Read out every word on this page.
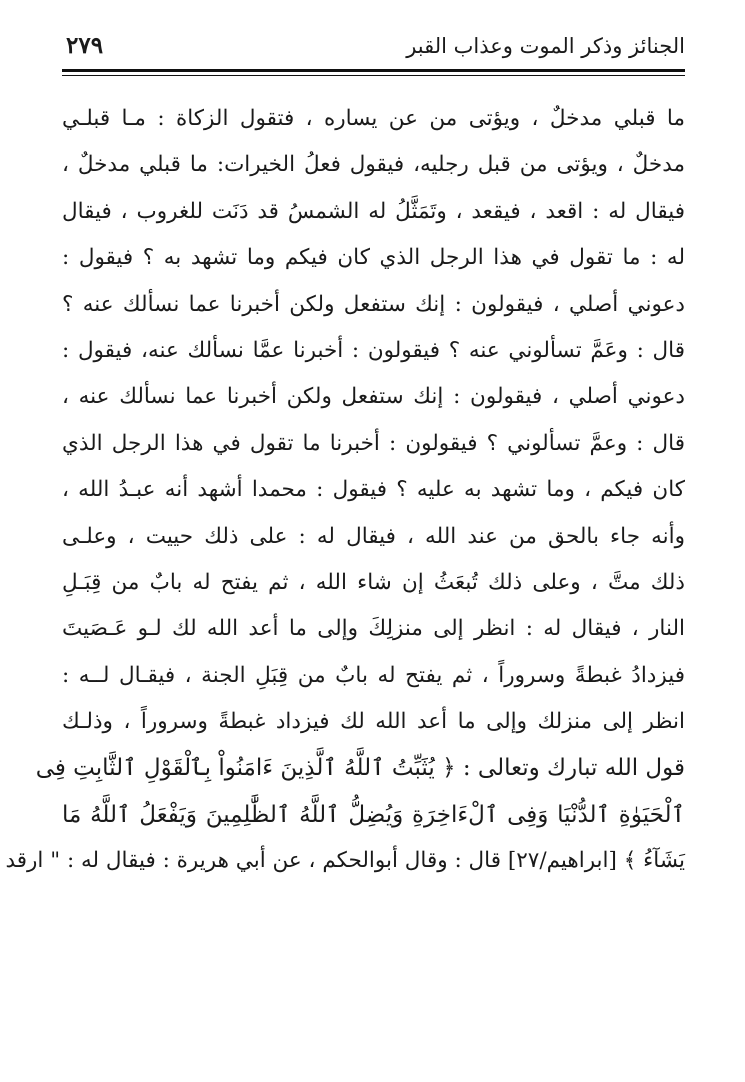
الجنائز وذكر الموت وعذاب القبر
٢٧٩
ما قبلي مدخلٌ ، ويؤتى من عن يساره ، فتقول الزكاة : مـا قبلـي
مدخلٌ ، ويؤتى من قبل رجليه، فيقول فعلُ الخيرات: ما قبلي مدخلٌ ،
فيقال له : اقعد ، فيقعد ، وتَمَثَّلُ له الشمسُ قد دَنَت للغروب ، فيقال
له : ما تقول في هذا الرجل الذي كان فيكم وما تشهد به ؟ فيقول :
دعوني أصلي ، فيقولون : إنك ستفعل ولكن أخبرنا عما نسألك عنه ؟
قال : وعَمَّ تسألوني عنه ؟ فيقولون : أخبرنا عمَّا نسألك عنه، فيقول :
دعوني أصلي ، فيقولون : إنك ستفعل ولكن أخبرنا عما نسألك عنه ،
قال : وعمَّ تسألوني ؟ فيقولون : أخبرنا ما تقول في هذا الرجل الذي
كان فيكم ، وما تشهد به عليه ؟ فيقول : محمدا أشهد أنه عبـدُ الله ،
وأنه جاء بالحق من عند الله ، فيقال له : على ذلك حييت ، وعلـى
ذلك متَّ ، وعلى ذلك تُبعَثُ إن شاء الله ، ثم يفتح له بابٌ من قِبَـلِ
النار ، فيقال له : انظر إلى منزلِكَ وإلى ما أعد الله لك لـو عَـصَيتَ
فيزدادُ غبطةً وسروراً ، ثم يفتح له بابٌ من قِبَلِ الجنة ، فيقـال لــه :
انظر إلى منزلك وإلى ما أعد الله لك فيزداد غبطةً وسروراً ، وذلـك
قول الله تبارك وتعالى : ﴿ يُثَبِّتُ ٱللَّهُ ٱلَّذِينَ ءَامَنُواْ بِٱلْقَوْلِ ٱلثَّابِتِ فِى
ٱلْحَيَوٰةِ ٱلدُّنْيَا وَفِى ٱلْءَاخِرَةِ وَيُضِلُّ ٱللَّهُ ٱلظَّٰلِمِينَ وَيَفْعَلُ ٱللَّهُ مَا
يَشَآءُ ﴾ [ابراهيم/٢٧] قال : وقال أبوالحكم ، عن أبي هريرة : فيقال له : " ارقد
